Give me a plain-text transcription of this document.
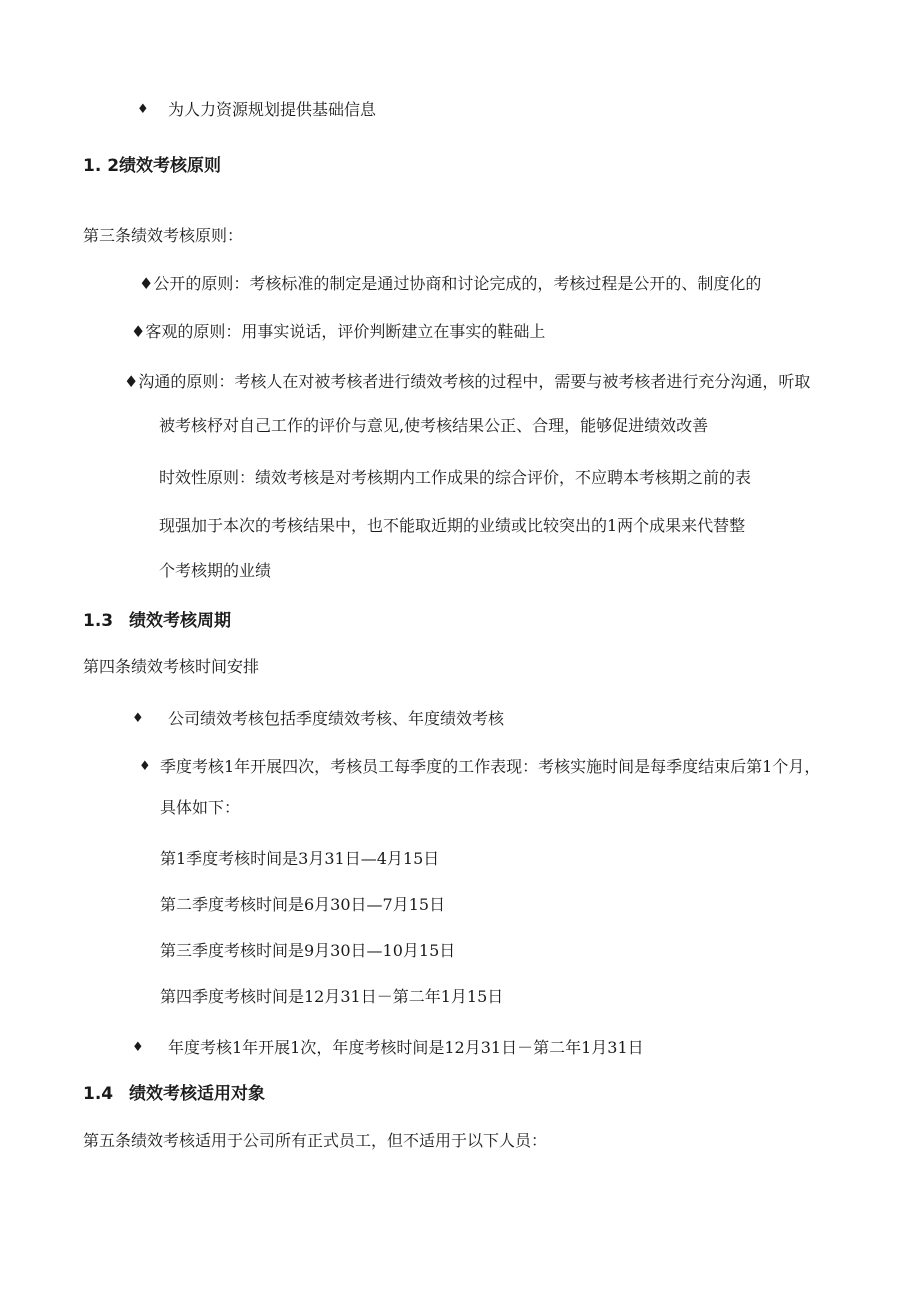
♦ 为人力资源规划提供基础信息
1. 2绩效考核原则
第三条绩效考核原则：
♦公开的原则：考核标准的制定是通过协商和讨论完成的，考核过程是公开的、制度化的
♦客观的原则：用事实说话，评价判断建立在事实的鞋础上
♦沟通的原则：考核人在对被考核者进行绩效考核的过程中，需要与被考核者进行充分沟通，听取
被考核杼对自己工作的评价与意见,使考核结果公正、合理，能够促进绩效改善
时效性原则：绩效考核是对考核期内工作成果的综合评价，不应聘本考核期之前的表
现强加于本次的考核结果中，也不能取近期的业绩或比较突出的1两个成果来代替整
个考核期的业绩
1.3 绩效考核周期
第四条绩效考核时间安排
♦ 公司绩效考核包括季度绩效考核、年度绩效考核
♦ 季度考核1年开展四次，考核员工每季度的工作表现：考核实施时间是每季度结束后第1个月，
具体如下：
第1季度考核时间是3月31日—4月15日
第二季度考核时间是6月30日—7月15日
第三季度考核时间是9月30日—10月15日
第四季度考核时间是12月31日－第二年1月15日
♦ 年度考核1年开展1次，年度考核时间是12月31日－第二年1月31日
1.4 绩效考核适用对象
第五条绩效考核适用于公司所有正式员工，但不适用于以下人员：
